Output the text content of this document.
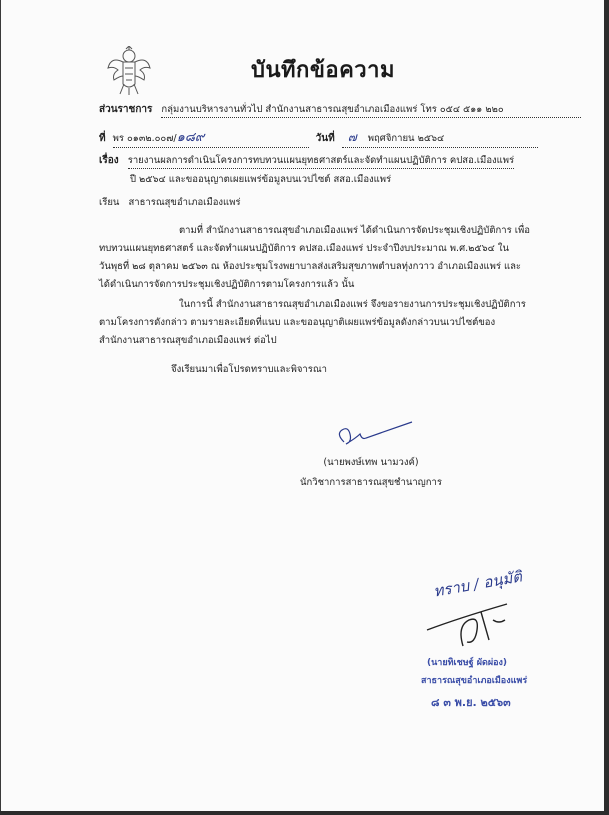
บันทึกข้อความ
ส่วนราชการ กลุ่มงานบริหารงานทั่วไป สำนักงานสาธารณสุขอำเภอเมืองแพร่ โทร ๐๕๔ ๕๑๑ ๒๒๐
ที่ พร ๐๑๓๒.๐๐๗/๑๘๙	วันที่ ๗ พฤศจิกายน ๒๕๖๔
เรื่อง รายงานผลการดำเนินโครงการทบทวนแผนยุทธศาสตร์และจัดทำแผนปฏิบัติการ คปสอ.เมืองแพร่
ปี ๒๕๖๔ และขออนุญาตเผยแพร่ข้อมูลบนเวปไซต์ สสอ.เมืองแพร่
เรียน สาธารณสุขอำเภอเมืองแพร่
ตามที่ สำนักงานสาธารณสุขอำเภอเมืองแพร่ ได้ดำเนินการจัดประชุมเชิงปฏิบัติการ เพื่อ
ทบทวนแผนยุทธศาสตร์ และจัดทำแผนปฏิบัติการ คปสอ.เมืองแพร่ ประจำปีงบประมาณ พ.ศ.๒๕๖๔ ใน
วันพุธที่ ๒๘ ตุลาคม ๒๕๖๓ ณ ห้องประชุมโรงพยาบาลส่งเสริมสุขภาพตำบลทุ่งกวาว อำเภอเมืองแพร่ และ
ได้ดำเนินการจัดการประชุมเชิงปฏิบัติการตามโครงการแล้ว นั้น
ในการนี้ สำนักงานสาธารณสุขอำเภอเมืองแพร่ จึงขอรายงานการประชุมเชิงปฏิบัติการ
ตามโครงการดังกล่าว ตามรายละเอียดที่แนบ และขออนุญาติเผยแพร่ข้อมูลดังกล่าวบนเวปไซต์ของ
สำนักงานสาธารณสุขอำเภอเมืองแพร่ ต่อไป
จึงเรียนมาเพื่อโปรดทราบและพิจารณา
(นายพงษ์เทพ นามวงค์)
นักวิชาการสาธารณสุขชำนาญการ
ทราบ / อนุมัติ
(นายทิเชษฐ์ ผัดผ่อง)
สาธารณสุขอำเภอเมืองแพร่
๘ ๓ พ.ย. ๒๕๖๓
